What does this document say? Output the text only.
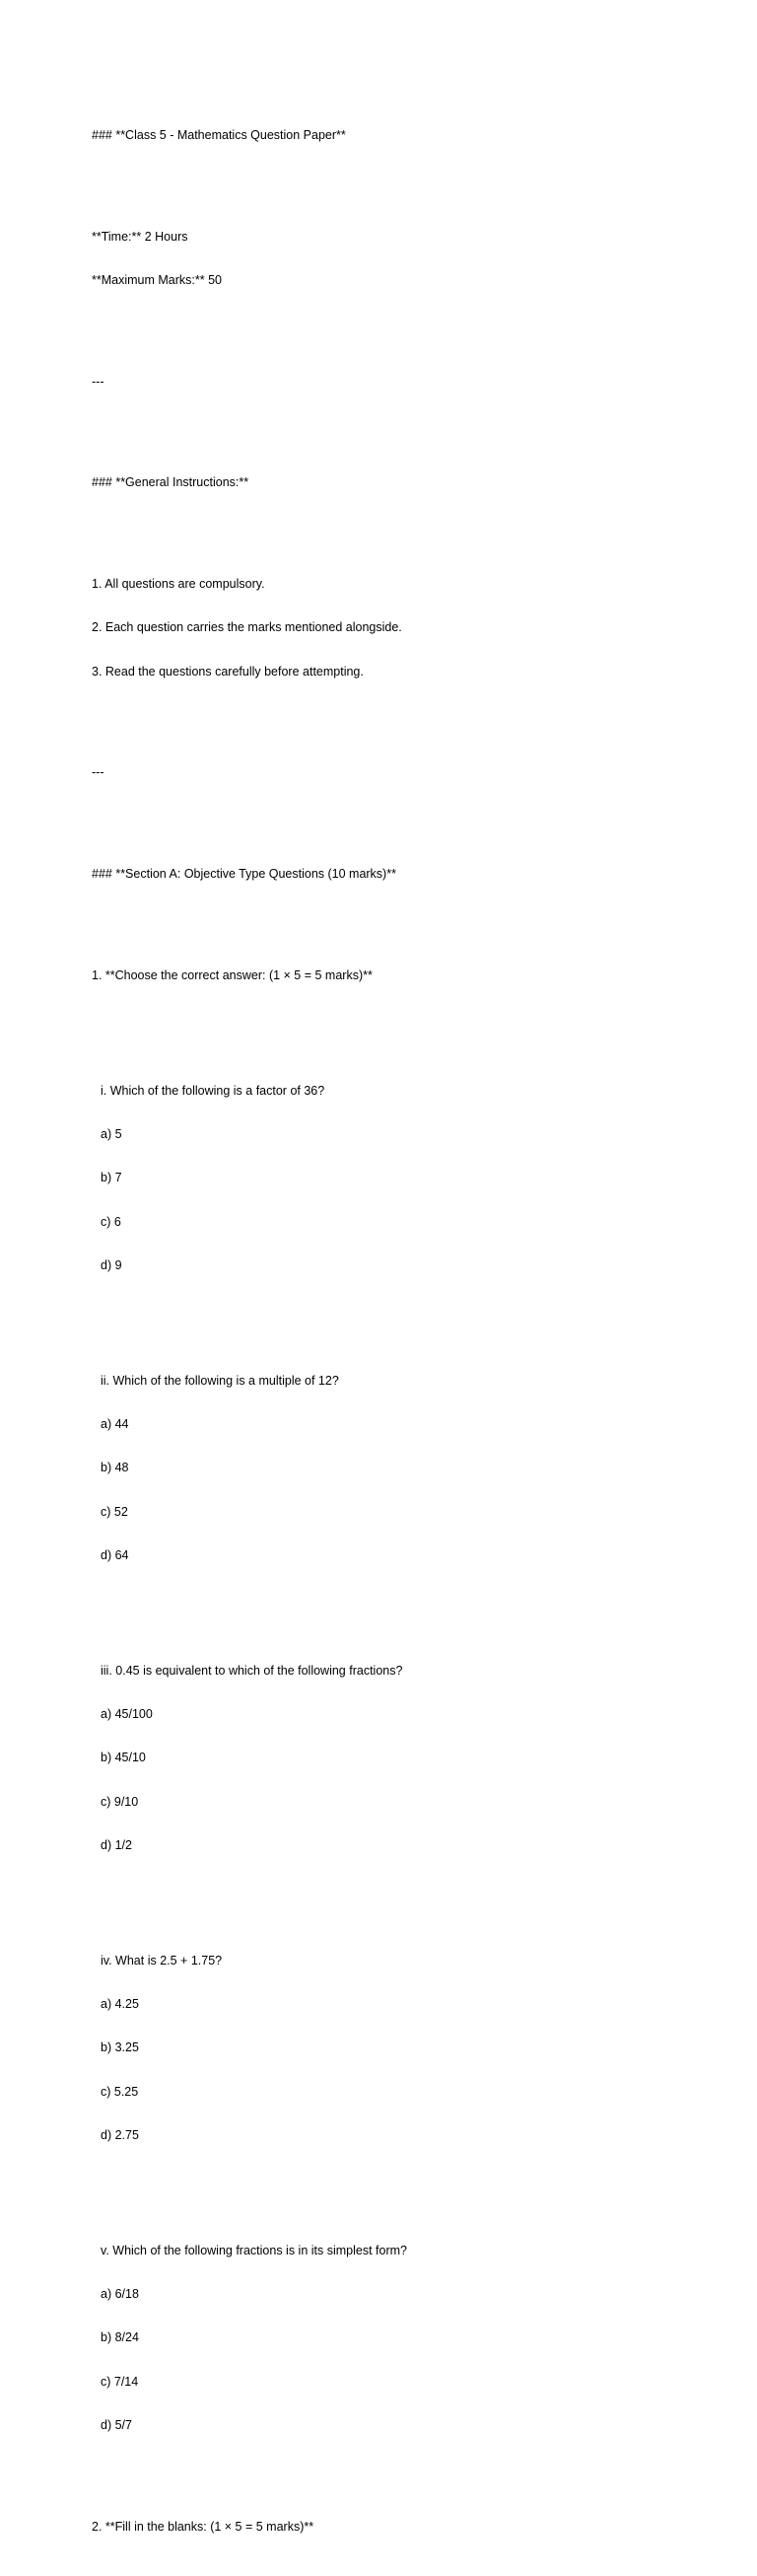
### **Class 5 - Mathematics Question Paper**

**Time:** 2 Hours

**Maximum Marks:** 50

---

### **General Instructions:**

1. All questions are compulsory.

2. Each question carries the marks mentioned alongside.

3. Read the questions carefully before attempting.

---

### **Section A: Objective Type Questions (10 marks)**

1. **Choose the correct answer: (1 × 5 = 5 marks)**

i. Which of the following is a factor of 36?

a) 5

b) 7

c) 6

d) 9

ii. Which of the following is a multiple of 12?

a) 44

b) 48

c) 52

d) 64

iii. 0.45 is equivalent to which of the following fractions?

a) 45/100

b) 45/10

c) 9/10

d) 1/2

iv. What is 2.5 + 1.75?

a) 4.25

b) 3.25

c) 5.25

d) 2.75

v. Which of the following fractions is in its simplest form?

a) 6/18

b) 8/24

c) 7/14

d) 5/7

2. **Fill in the blanks: (1 × 5 = 5 marks)**
